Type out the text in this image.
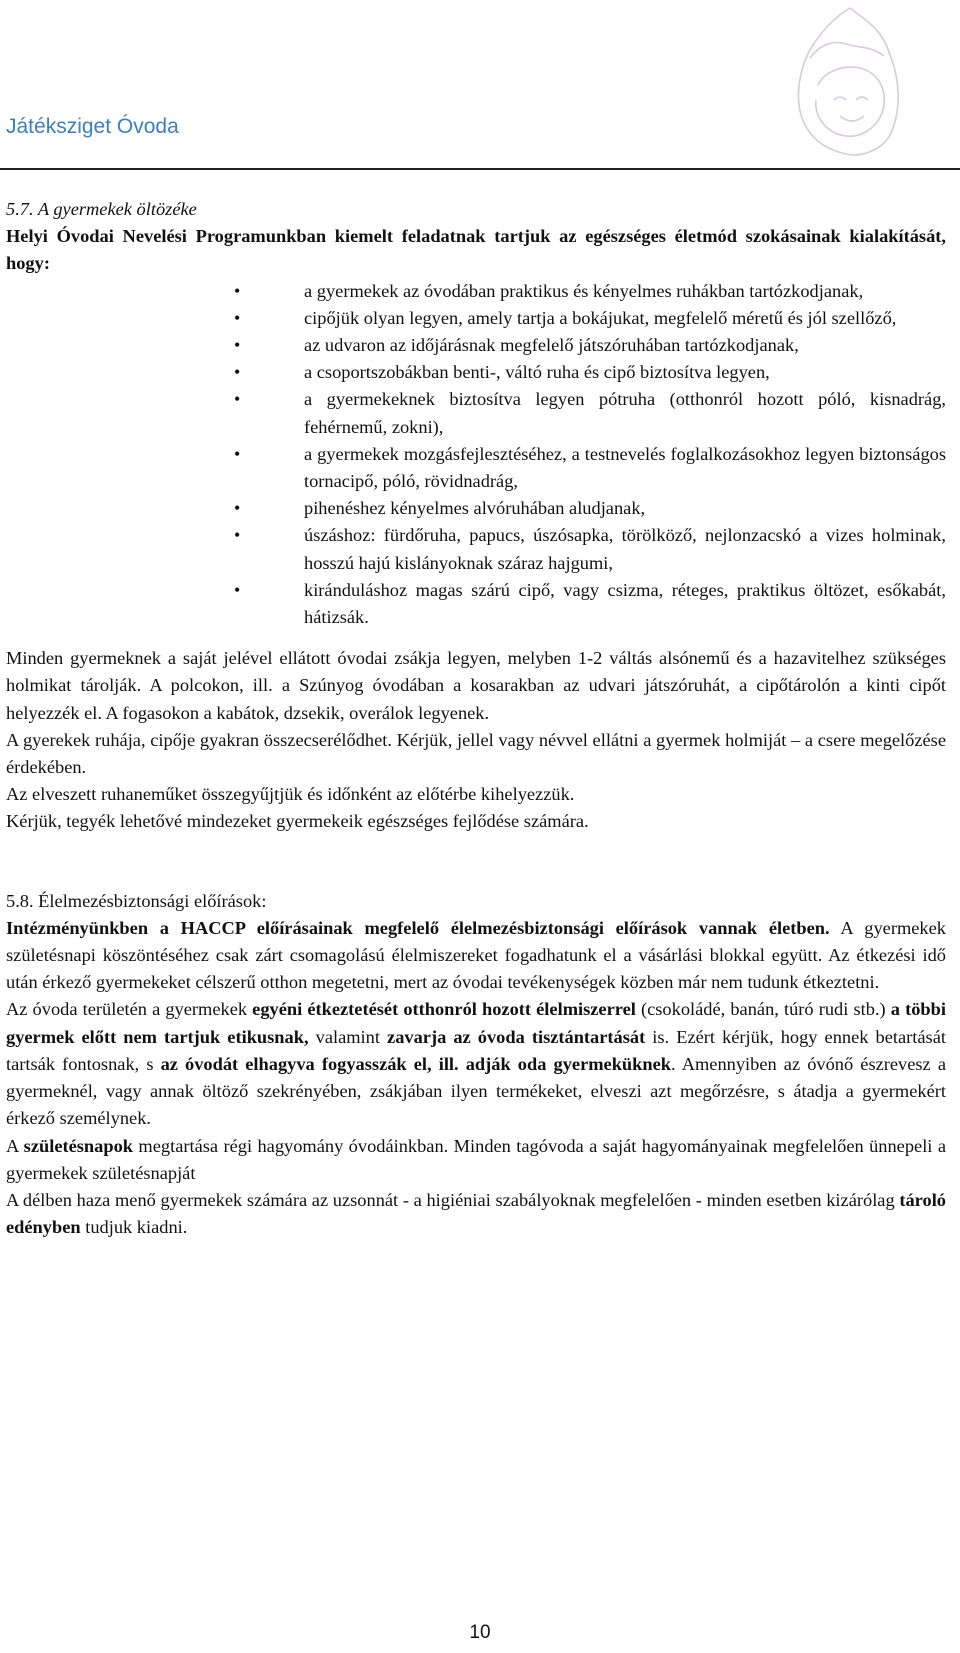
Játéksziget Óvoda

5.7. A gyermekek öltözéke

Helyi Óvodai Nevelési Programunkban kiemelt feladatnak tartjuk az egészséges életmód szokásainak kialakítását, hogy:

•	a gyermekek az óvodában praktikus és kényelmes ruhákban tartózkodjanak,
•	cipőjük olyan legyen, amely tartja a bokájukat, megfelelő méretű és jól szellőző,
•	az udvaron az időjárásnak megfelelő játszóruhában tartózkodjanak,
•	a csoportszobákban benti-, váltó ruha és cipő biztosítva legyen,
•	a gyermekeknek biztosítva legyen pótruha (otthonról hozott póló, kisnadrág, fehérnemű, zokni),
•	a gyermekek mozgásfejlesztéséhez, a testnevelés foglalkozásokhoz legyen biztonságos tornacipő, póló, rövidnadrág,
•	pihenéshez kényelmes alvóruhában aludjanak,
•	úszáshoz: fürdőruha, papucs, úszósapka, törölköző, nejlonzacskó a vizes holminak, hosszú hajú kislányoknak száraz hajgumi,
•	kiránduláshoz magas szárú cipő, vagy csizma, réteges, praktikus öltözet, esőkabát, hátizsák.

Minden gyermeknek a saját jelével ellátott óvodai zsákja legyen, melyben 1-2 váltás alsónemű és a hazavitelhez szükséges holmikat tárolják. A polcokon, ill. a Szúnyog óvodában a kosarakban az udvari játszóruhát, a cipőtárolón a kinti cipőt helyezzék el. A fogasokon a kabátok, dzsekik, overálok legyenek.

A gyerekek ruhája, cipője gyakran összecserélődhet. Kérjük, jellel vagy névvel ellátni a gyermek holmiját – a csere megelőzése érdekében.

Az elveszett ruhaneműket összegyűjtjük és időnként az előtérbe kihelyezzük.

Kérjük, tegyék lehetővé mindezeket gyermekeik egészséges fejlődése számára.

5.8. Élelmezésbiztonsági előírások:

Intézményünkben a HACCP előírásainak megfelelő élelmezésbiztonsági előírások vannak életben. A gyermekek születésnapi köszöntéséhez csak zárt csomagolású élelmiszereket fogadhatunk el a vásárlási blokkal együtt. Az étkezési idő után érkező gyermekeket célszerű otthon megetetni, mert az óvodai tevékenységek közben már nem tudunk étkeztetni.

Az óvoda területén a gyermekek egyéni étkeztetését otthonról hozott élelmiszerrel (csokoládé, banán, túró rudi stb.) a többi gyermek előtt nem tartjuk etikusnak, valamint zavarja az óvoda tisztántartását is. Ezért kérjük, hogy ennek betartását tartsák fontosnak, s az óvodát elhagyva fogyasszák el, ill. adják oda gyermeküknek. Amennyiben az óvónő észrevesz a gyermeknél, vagy annak öltöző szekrényében, zsákjában ilyen termékeket, elveszi azt megőrzésre, s átadja a gyermekért érkező személynek.

A születésnapok megtartása régi hagyomány óvodáinkban. Minden tagóvoda a saját hagyományainak megfelelően ünnepeli a gyermekek születésnapját

A délben haza menő gyermekek számára az uzsonnát - a higiéniai szabályoknak megfelelően - minden esetben kizárólag tároló edényben tudjuk kiadni.

10
